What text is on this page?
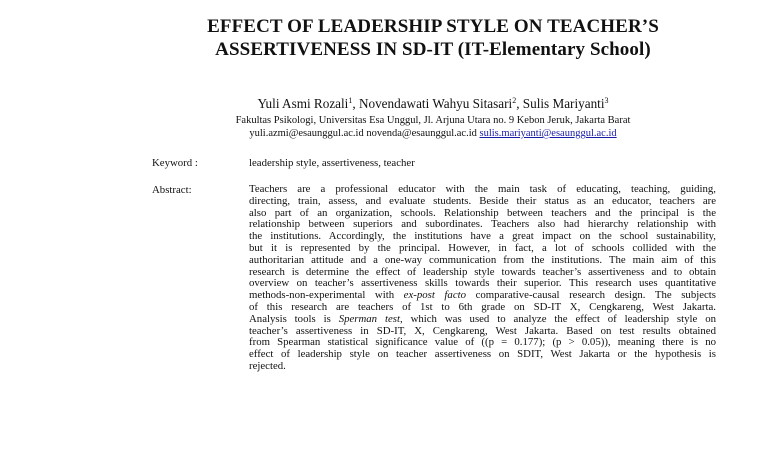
EFFECT OF LEADERSHIP STYLE ON TEACHER’S
ASSERTIVENESS IN SD-IT (IT-Elementary School)
Yuli Asmi Rozali$^1$, Novendawati Wahyu Sitasari$^2$, Sulis Mariyanti$^3$
Fakultas Psikologi, Universitas Esa Unggul, Jl. Arjuna Utara no. 9 Kebon Jeruk, Jakarta Barat
yuli.azmi@esaunggul.ac.id novenda@esaunggul.ac.id sulis.mariyanti@esaunggul.ac.id
Keyword :	leadership style, assertiveness, teacher
Abstract:	Teachers are a professional educator with the main task of educating, teaching, guiding,
directing, train, assess, and evaluate students. Beside their status as an educator, teachers are
also part of an organization, schools. Relationship between teachers and the principal is the
relationship between superiors and subordinates. Teachers also had hierarchy relationship with
the institutions. Accordingly, the institutions have a great impact on the school sustainability,
but it is represented by the principal. However, in fact, a lot of schools collided with the
authoritarian attitude and a one-way communication from the institutions. The main aim of this
research is determine the effect of leadership style towards teacher’s assertiveness and to obtain
overview on teacher’s assertiveness skills towards their superior. This research uses quantitative
methods-non-experimental with ex-post facto comparative-causal research design. The subjects
of this research are teachers of 1st to 6th grade on SD-IT X, Cengkareng, West Jakarta.
Analysis tools is Sperman test, which was used to analyze the effect of leadership style on
teacher’s assertiveness in SD-IT, X, Cengkareng, West Jakarta. Based on test results obtained
from Spearman statistical significance value of ((p = 0.177); (p > 0.05)), meaning there is no
effect of leadership style on teacher assertiveness on SDIT, West Jakarta or the hypothesis is
rejected.
